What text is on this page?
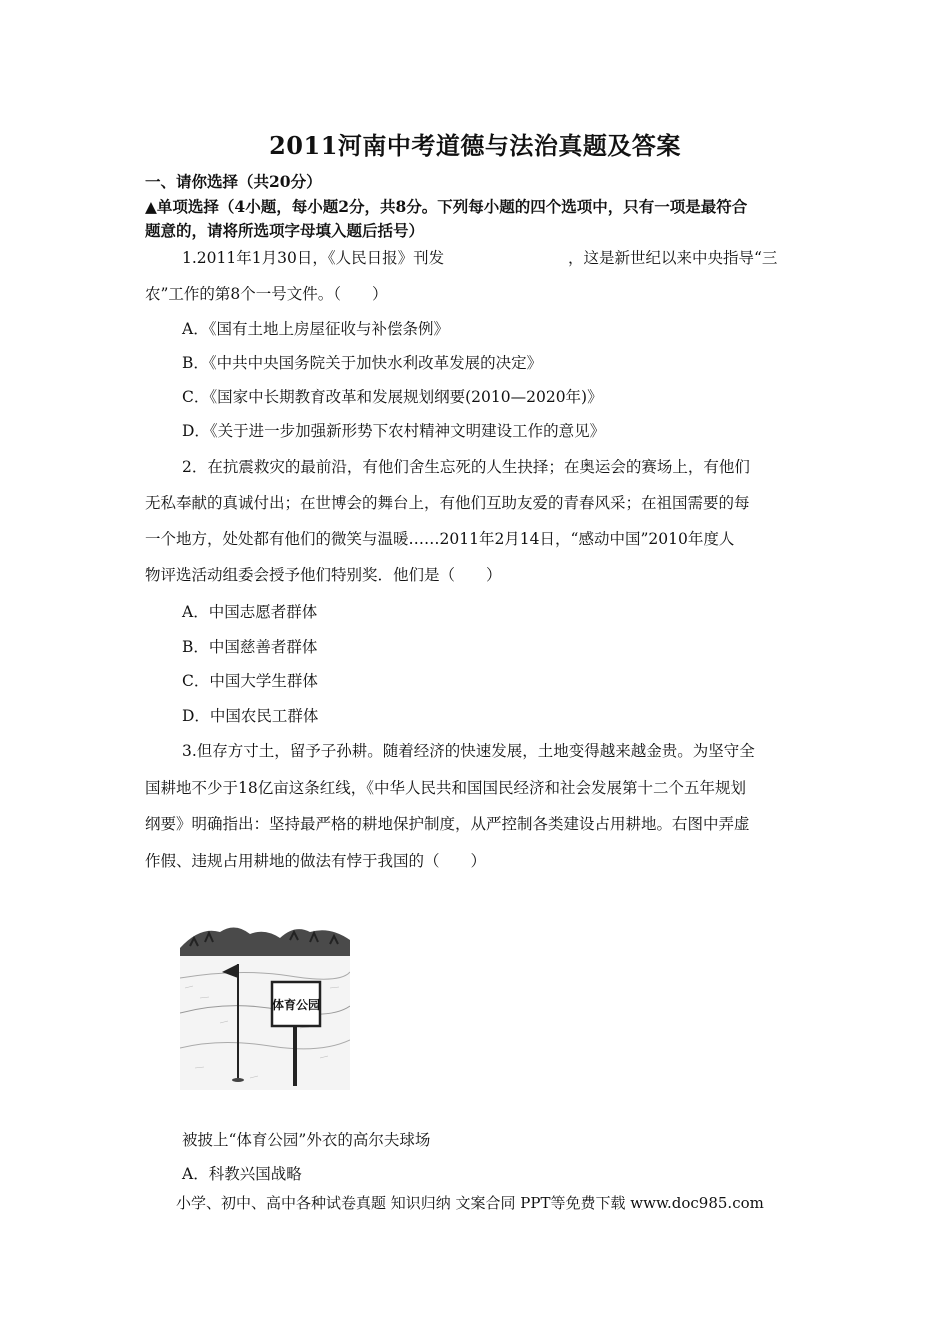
2011河南中考道德与法治真题及答案
一、请你选择（共20分）
▲单项选择（4小题，每小题2分，共8分。下列每小题的四个选项中，只有一项是最符合
题意的，请将所选项字母填入题后括号）
1.2011年1月30日，《人民日报》刊发	，这是新世纪以来中央指导“三
农”工作的第8个一号文件。（　　）
A．《国有土地上房屋征收与补偿条例》
B．《中共中央国务院关于加快水利改革发展的决定》
C．《国家中长期教育改革和发展规划纲要(2010—2020年)》
D．《关于进一步加强新形势下农村精神文明建设工作的意见》
2．在抗震救灾的最前沿，有他们舍生忘死的人生抉择；在奥运会的赛场上，有他们
无私奉献的真诚付出；在世博会的舞台上，有他们互助友爱的青春风采；在祖国需要的每
一个地方，处处都有他们的微笑与温暖……2011年2月14日，“感动中国”2010年度人
物评选活动组委会授予他们特别奖．他们是（　　）
A．中国志愿者群体
B．中国慈善者群体
C．中国大学生群体
D．中国农民工群体
3.但存方寸土，留予子孙耕。随着经济的快速发展，土地变得越来越金贵。为坚守全
国耕地不少于18亿亩这条红线，《中华人民共和国国民经济和社会发展第十二个五年规划
纲要》明确指出：坚持最严格的耕地保护制度，从严控制各类建设占用耕地。右图中弄虚
作假、违规占用耕地的做法有悖于我国的（　　）
体育公园
被披上“体育公园”外衣的高尔夫球场
A．科教兴国战略
小学、初中、高中各种试卷真题 知识归纳 文案合同 PPT等免费下载 www.doc985.com
